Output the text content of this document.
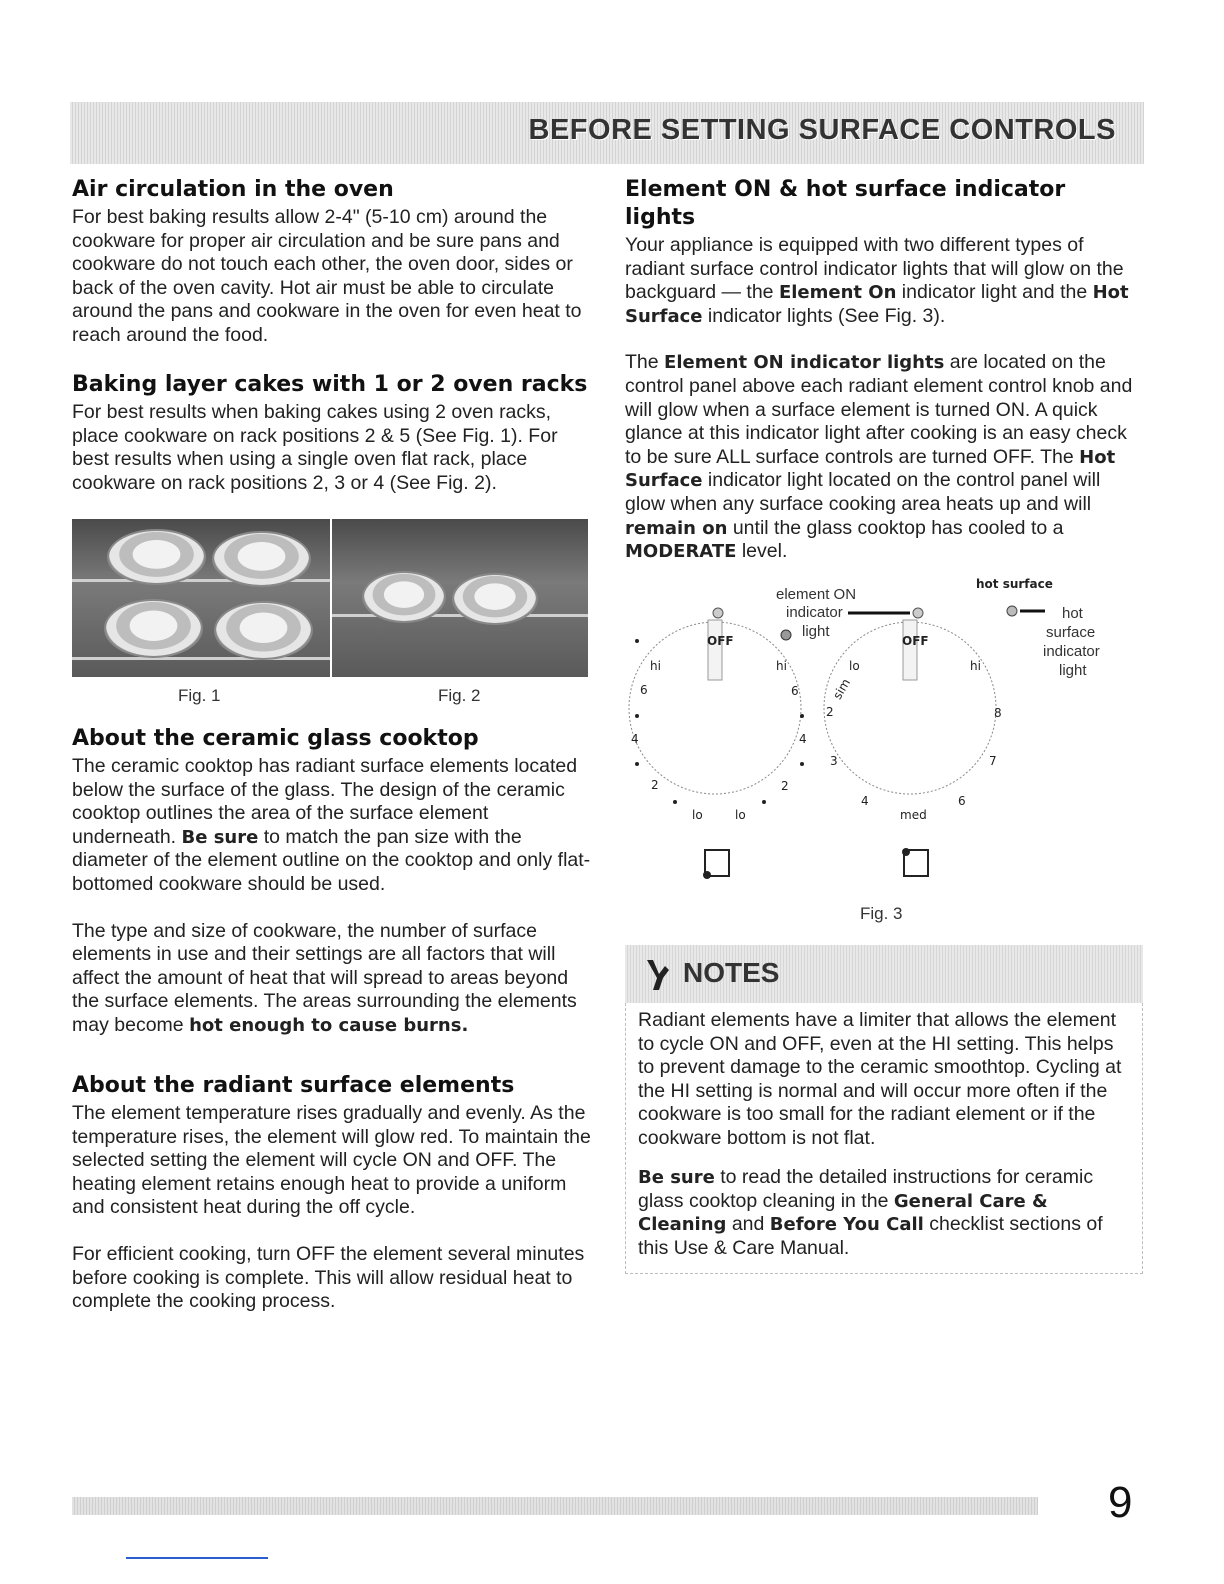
BEFORE SETTING SURFACE CONTROLS
Air circulation in the oven

For best baking results allow 2-4" (5-10 cm) around the cookware for proper air circulation and be sure pans and cookware do not touch each other, the oven door, sides or back of the oven cavity. Hot air must be able to circulate around the pans and cookware in the oven for even heat to reach around the food.

Baking layer cakes with 1 or 2 oven racks

For best results when baking cakes using 2 oven racks, place cookware on rack positions 2 & 5 (See Fig. 1). For best results when using a single oven flat rack, place cookware on rack positions 2, 3 or 4 (See Fig. 2).

Fig. 1	Fig. 2
About the ceramic glass cooktop

The ceramic cooktop has radiant surface elements located below the surface of the glass. The design of the ceramic cooktop outlines the area of the surface element underneath. Be sure to match the pan size with the diameter of the element outline on the cooktop and only flat-bottomed cookware should be used.

The type and size of cookware, the number of surface elements in use and their settings are all factors that will affect the amount of heat that will spread to areas beyond the surface elements. The areas surrounding the elements may become hot enough to cause burns.

About the radiant surface elements

The element temperature rises gradually and evenly. As the temperature rises, the element will glow red. To maintain the selected setting the element will cycle ON and OFF. The heating element retains enough heat to provide a uniform and consistent heat during the off cycle.

For efficient cooking, turn OFF the element several minutes before cooking is complete. This will allow residual heat to complete the cooking process.

Element ON & hot surface indicator lights

Your appliance is equipped with two different types of radiant surface control indicator lights that will glow on the backguard — the Element On indicator light and the Hot Surface indicator lights (See Fig. 3).

The Element ON indicator lights are located on the control panel above each radiant element control knob and will glow when a surface element is turned ON. A quick glance at this indicator light after cooking is an easy check to be sure ALL surface controls are turned OFF. The Hot Surface indicator light located on the control panel will glow when any surface cooking area heats up and will remain on until the glass cooktop has cooled to a MODERATE level.

element ON
indicator
light
hot surface
hot
surface
indicator
light
OFF	OFF
hi	hi	lo	hi
6	6	sim
2	8
4	4
3	7
2	2
4	6
lo	lo	med
Fig. 3
NOTES

Radiant elements have a limiter that allows the element to cycle ON and OFF, even at the HI setting. This helps to prevent damage to the ceramic smoothtop. Cycling at the HI setting is normal and will occur more often if the cookware is too small for the radiant element or if the cookware bottom is not flat.

Be sure to read the detailed instructions for ceramic glass cooktop cleaning in the General Care & Cleaning and Before You Call checklist sections of this Use & Care Manual.

9
